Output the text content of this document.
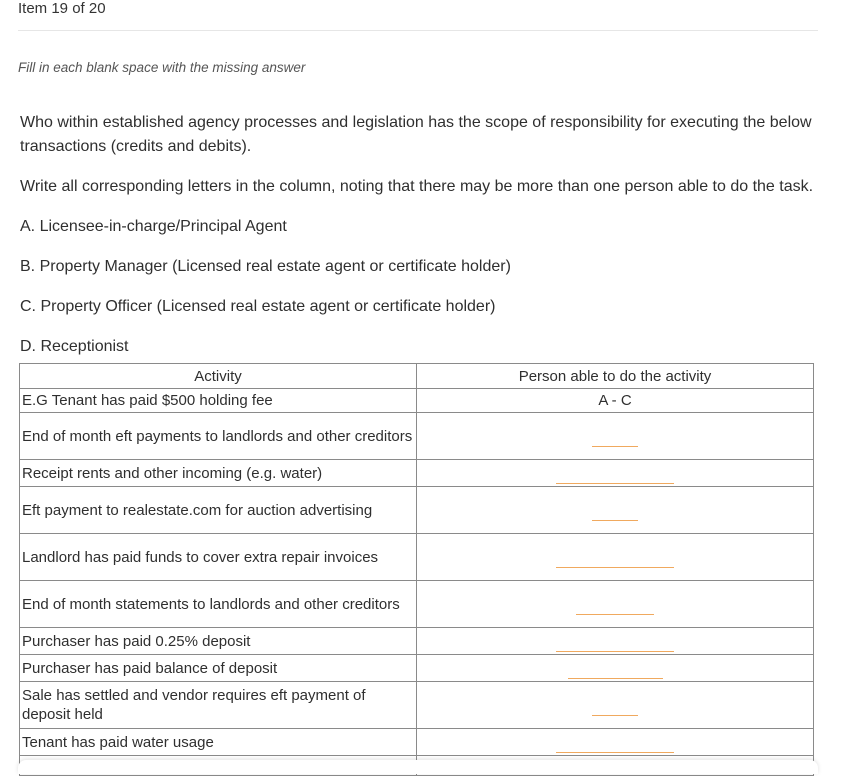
Item 19 of 20
Fill in each blank space with the missing answer
Who within established agency processes and legislation has the scope of responsibility for executing the below transactions (credits and debits).
Write all corresponding letters in the column, noting that there may be more than one person able to do the task.
A. Licensee-in-charge/Principal Agent
B. Property Manager (Licensed real estate agent or certificate holder)
C. Property Officer (Licensed real estate agent or certificate holder)
D. Receptionist
Activity	Person able to do the activity
E.G Tenant has paid $500 holding fee	A - C
End of month eft payments to landlords and other creditors	
Receipt rents and other incoming (e.g. water)	
Eft payment to realestate.com for auction advertising	
Landlord has paid funds to cover extra repair invoices	
End of month statements to landlords and other creditors	
Purchaser has paid 0.25% deposit	
Purchaser has paid balance of deposit	
Sale has settled and vendor requires eft payment of deposit held	
Tenant has paid water usage	
